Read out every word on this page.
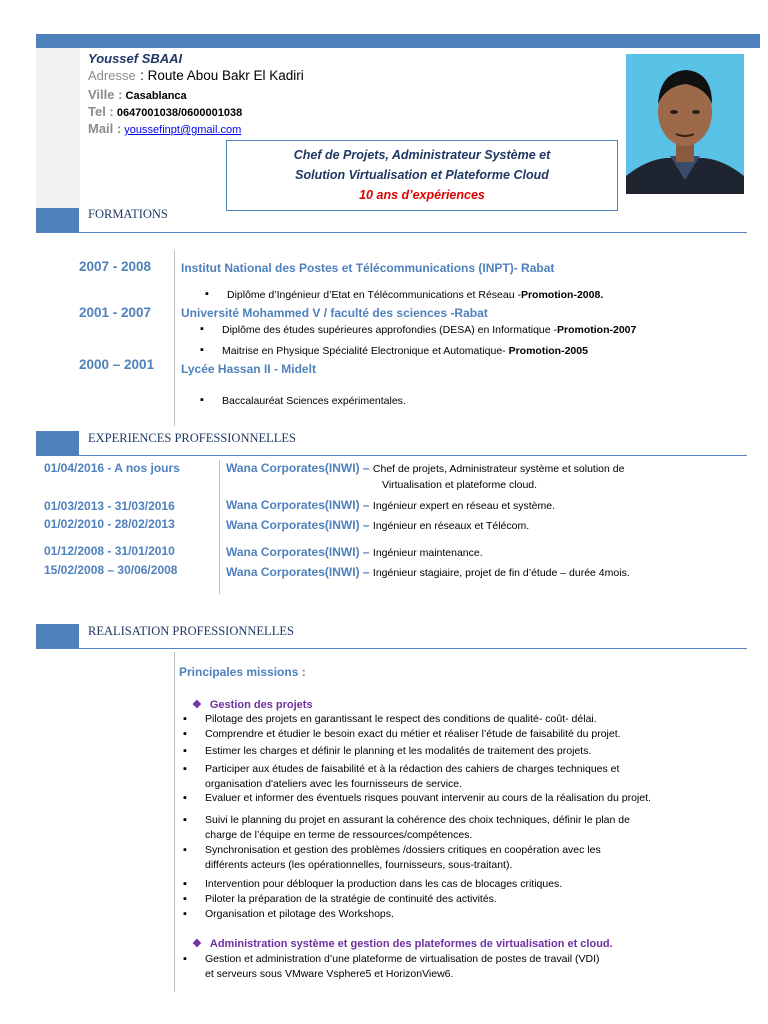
Youssef SBAAI
Adresse : Route Abou Bakr El Kadiri
Ville : Casablanca
Tel : 0647001038/0600001038
Mail : youssefinpt@gmail.com
Chef de Projets, Administrateur Système et
Solution Virtualisation et Plateforme Cloud
10 ans d’expériences
FORMATIONS
2007 - 2008 Institut National des Postes et Télécommunications (INPT)- Rabat
▪ Diplôme d’Ingénieur d’Etat en Télécommunications et Réseau -Promotion-2008.
2001 - 2007 Université Mohammed V / faculté des sciences -Rabat
▪ Diplôme des études supérieures approfondies (DESA) en Informatique -Promotion-2007
▪ Maitrise en Physique Spécialité Electronique et Automatique- Promotion-2005
2000 – 2001 Lycée Hassan II - Midelt
▪ Baccalauréat Sciences expérimentales.
EXPERIENCES PROFESSIONNELLES
01/04/2016 - A nos jours	Wana Corporates(INWI) – Chef de projets, Administrateur système et solution de
Virtualisation et plateforme cloud.
01/03/2013 - 31/03/2016	Wana Corporates(INWI) – Ingénieur expert en réseau et système.
01/02/2010 - 28/02/2013	Wana Corporates(INWI) – Ingénieur en réseaux et Télécom.
01/12/2008 - 31/01/2010	Wana Corporates(INWI) – Ingénieur maintenance.
15/02/2008 – 30/06/2008	Wana Corporates(INWI) – Ingénieur stagiaire, projet de fin d’étude – durée 4mois.
REALISATION PROFESSIONNELLES
Principales missions :
❖ Gestion des projets
▪ Pilotage des projets en garantissant le respect des conditions de qualité- coût- délai.
▪ Comprendre et étudier le besoin exact du métier et réaliser l’étude de faisabilité du projet.
▪ Estimer les charges et définir le planning et les modalités de traitement des projets.
▪ Participer aux études de faisabilité et à la rédaction des cahiers de charges techniques et
organisation d'ateliers avec les fournisseurs de service.
▪ Evaluer et informer des éventuels risques pouvant intervenir au cours de la réalisation du projet.
▪ Suivi le planning du projet en assurant la cohérence des choix techniques, définir le plan de
charge de l’équipe en terme de ressources/compétences.
▪ Synchronisation et gestion des problèmes /dossiers critiques en coopération avec les
différents acteurs (les opérationnelles, fournisseurs, sous-traitant).
▪ Intervention pour débloquer la production dans les cas de blocages critiques.
▪ Piloter la préparation de la stratégie de continuité des activités.
▪ Organisation et pilotage des Workshops.
❖ Administration système et gestion des plateformes de virtualisation et cloud.
▪ Gestion et administration d’une plateforme de virtualisation de postes de travail (VDI)
et serveurs sous VMware Vsphere5 et HorizonView6.
